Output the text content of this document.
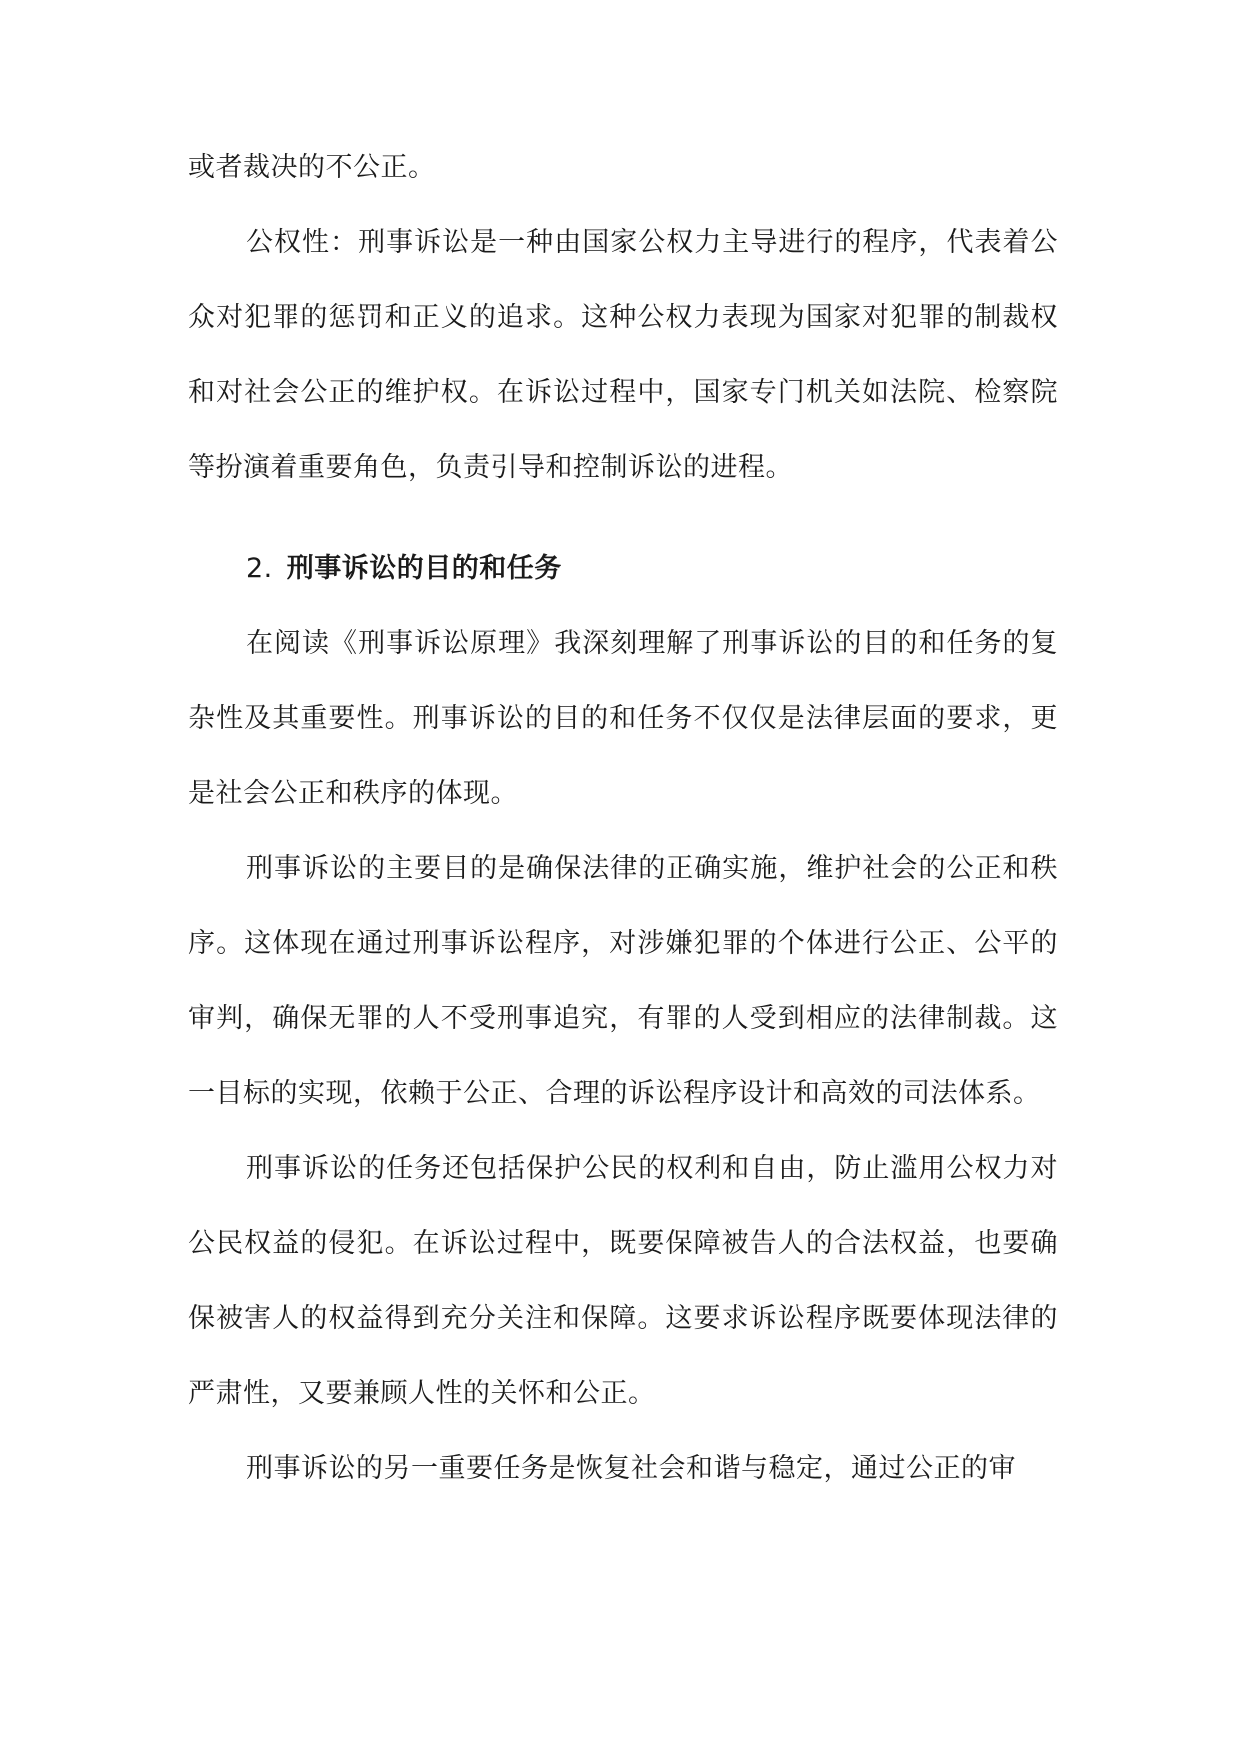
或者裁决的不公正。

公权性：刑事诉讼是一种由国家公权力主导进行的程序，代表着公众对犯罪的惩罚和正义的追求。这种公权力表现为国家对犯罪的制裁权和对社会公正的维护权。在诉讼过程中，国家专门机关如法院、检察院等扮演着重要角色，负责引导和控制诉讼的进程。

2. 刑事诉讼的目的和任务

在阅读《刑事诉讼原理》我深刻理解了刑事诉讼的目的和任务的复杂性及其重要性。刑事诉讼的目的和任务不仅仅是法律层面的要求，更是社会公正和秩序的体现。

刑事诉讼的主要目的是确保法律的正确实施，维护社会的公正和秩序。这体现在通过刑事诉讼程序，对涉嫌犯罪的个体进行公正、公平的审判，确保无罪的人不受刑事追究，有罪的人受到相应的法律制裁。这一目标的实现，依赖于公正、合理的诉讼程序设计和高效的司法体系。

刑事诉讼的任务还包括保护公民的权利和自由，防止滥用公权力对公民权益的侵犯。在诉讼过程中，既要保障被告人的合法权益，也要确保被害人的权益得到充分关注和保障。这要求诉讼程序既要体现法律的严肃性，又要兼顾人性的关怀和公正。

刑事诉讼的另一重要任务是恢复社会和谐与稳定，通过公正的审
